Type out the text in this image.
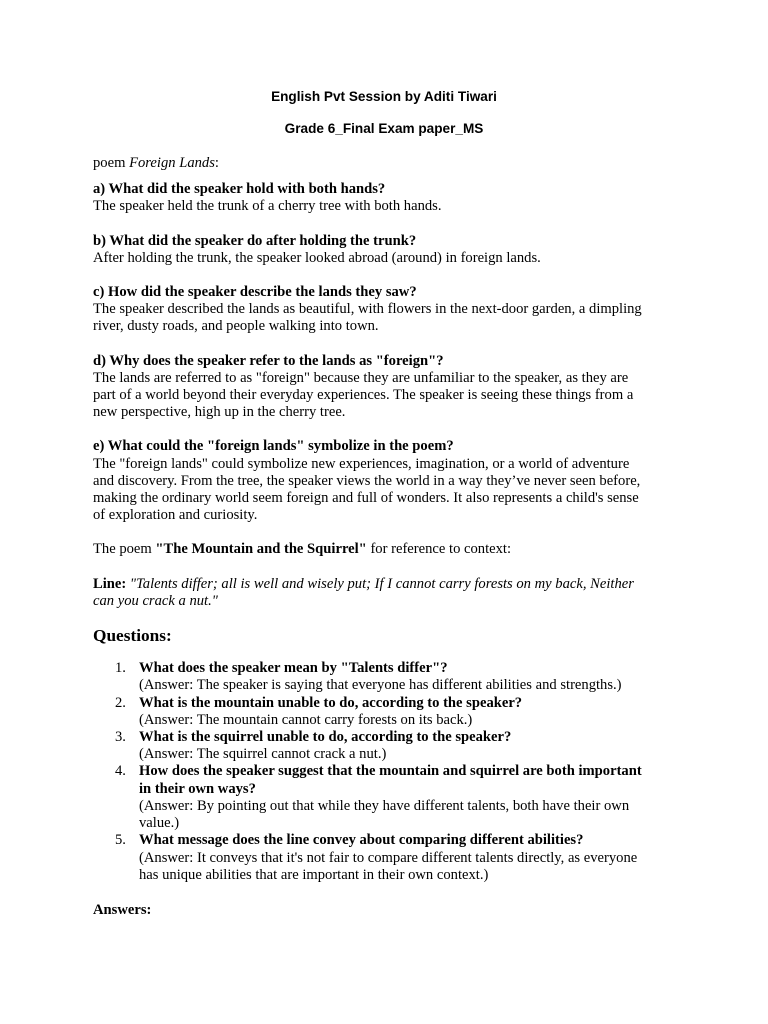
English Pvt Session by Aditi Tiwari
Grade 6_Final Exam paper_MS
poem Foreign Lands:
a) What did the speaker hold with both hands?
The speaker held the trunk of a cherry tree with both hands.
b) What did the speaker do after holding the trunk?
After holding the trunk, the speaker looked abroad (around) in foreign lands.
c) How did the speaker describe the lands they saw?
The speaker described the lands as beautiful, with flowers in the next-door garden, a dimpling
river, dusty roads, and people walking into town.
d) Why does the speaker refer to the lands as "foreign"?
The lands are referred to as "foreign" because they are unfamiliar to the speaker, as they are
part of a world beyond their everyday experiences. The speaker is seeing these things from a
new perspective, high up in the cherry tree.
e) What could the "foreign lands" symbolize in the poem?
The "foreign lands" could symbolize new experiences, imagination, or a world of adventure
and discovery. From the tree, the speaker views the world in a way they’ve never seen before,
making the ordinary world seem foreign and full of wonders. It also represents a child's sense
of exploration and curiosity.
The poem "The Mountain and the Squirrel" for reference to context:
Line: "Talents differ; all is well and wisely put; If I cannot carry forests on my back, Neither
can you crack a nut."
Questions:
1. What does the speaker mean by "Talents differ"?
(Answer: The speaker is saying that everyone has different abilities and strengths.)
2. What is the mountain unable to do, according to the speaker?
(Answer: The mountain cannot carry forests on its back.)
3. What is the squirrel unable to do, according to the speaker?
(Answer: The squirrel cannot crack a nut.)
4. How does the speaker suggest that the mountain and squirrel are both important
in their own ways?
(Answer: By pointing out that while they have different talents, both have their own
value.)
5. What message does the line convey about comparing different abilities?
(Answer: It conveys that it's not fair to compare different talents directly, as everyone
has unique abilities that are important in their own context.)
Answers:
